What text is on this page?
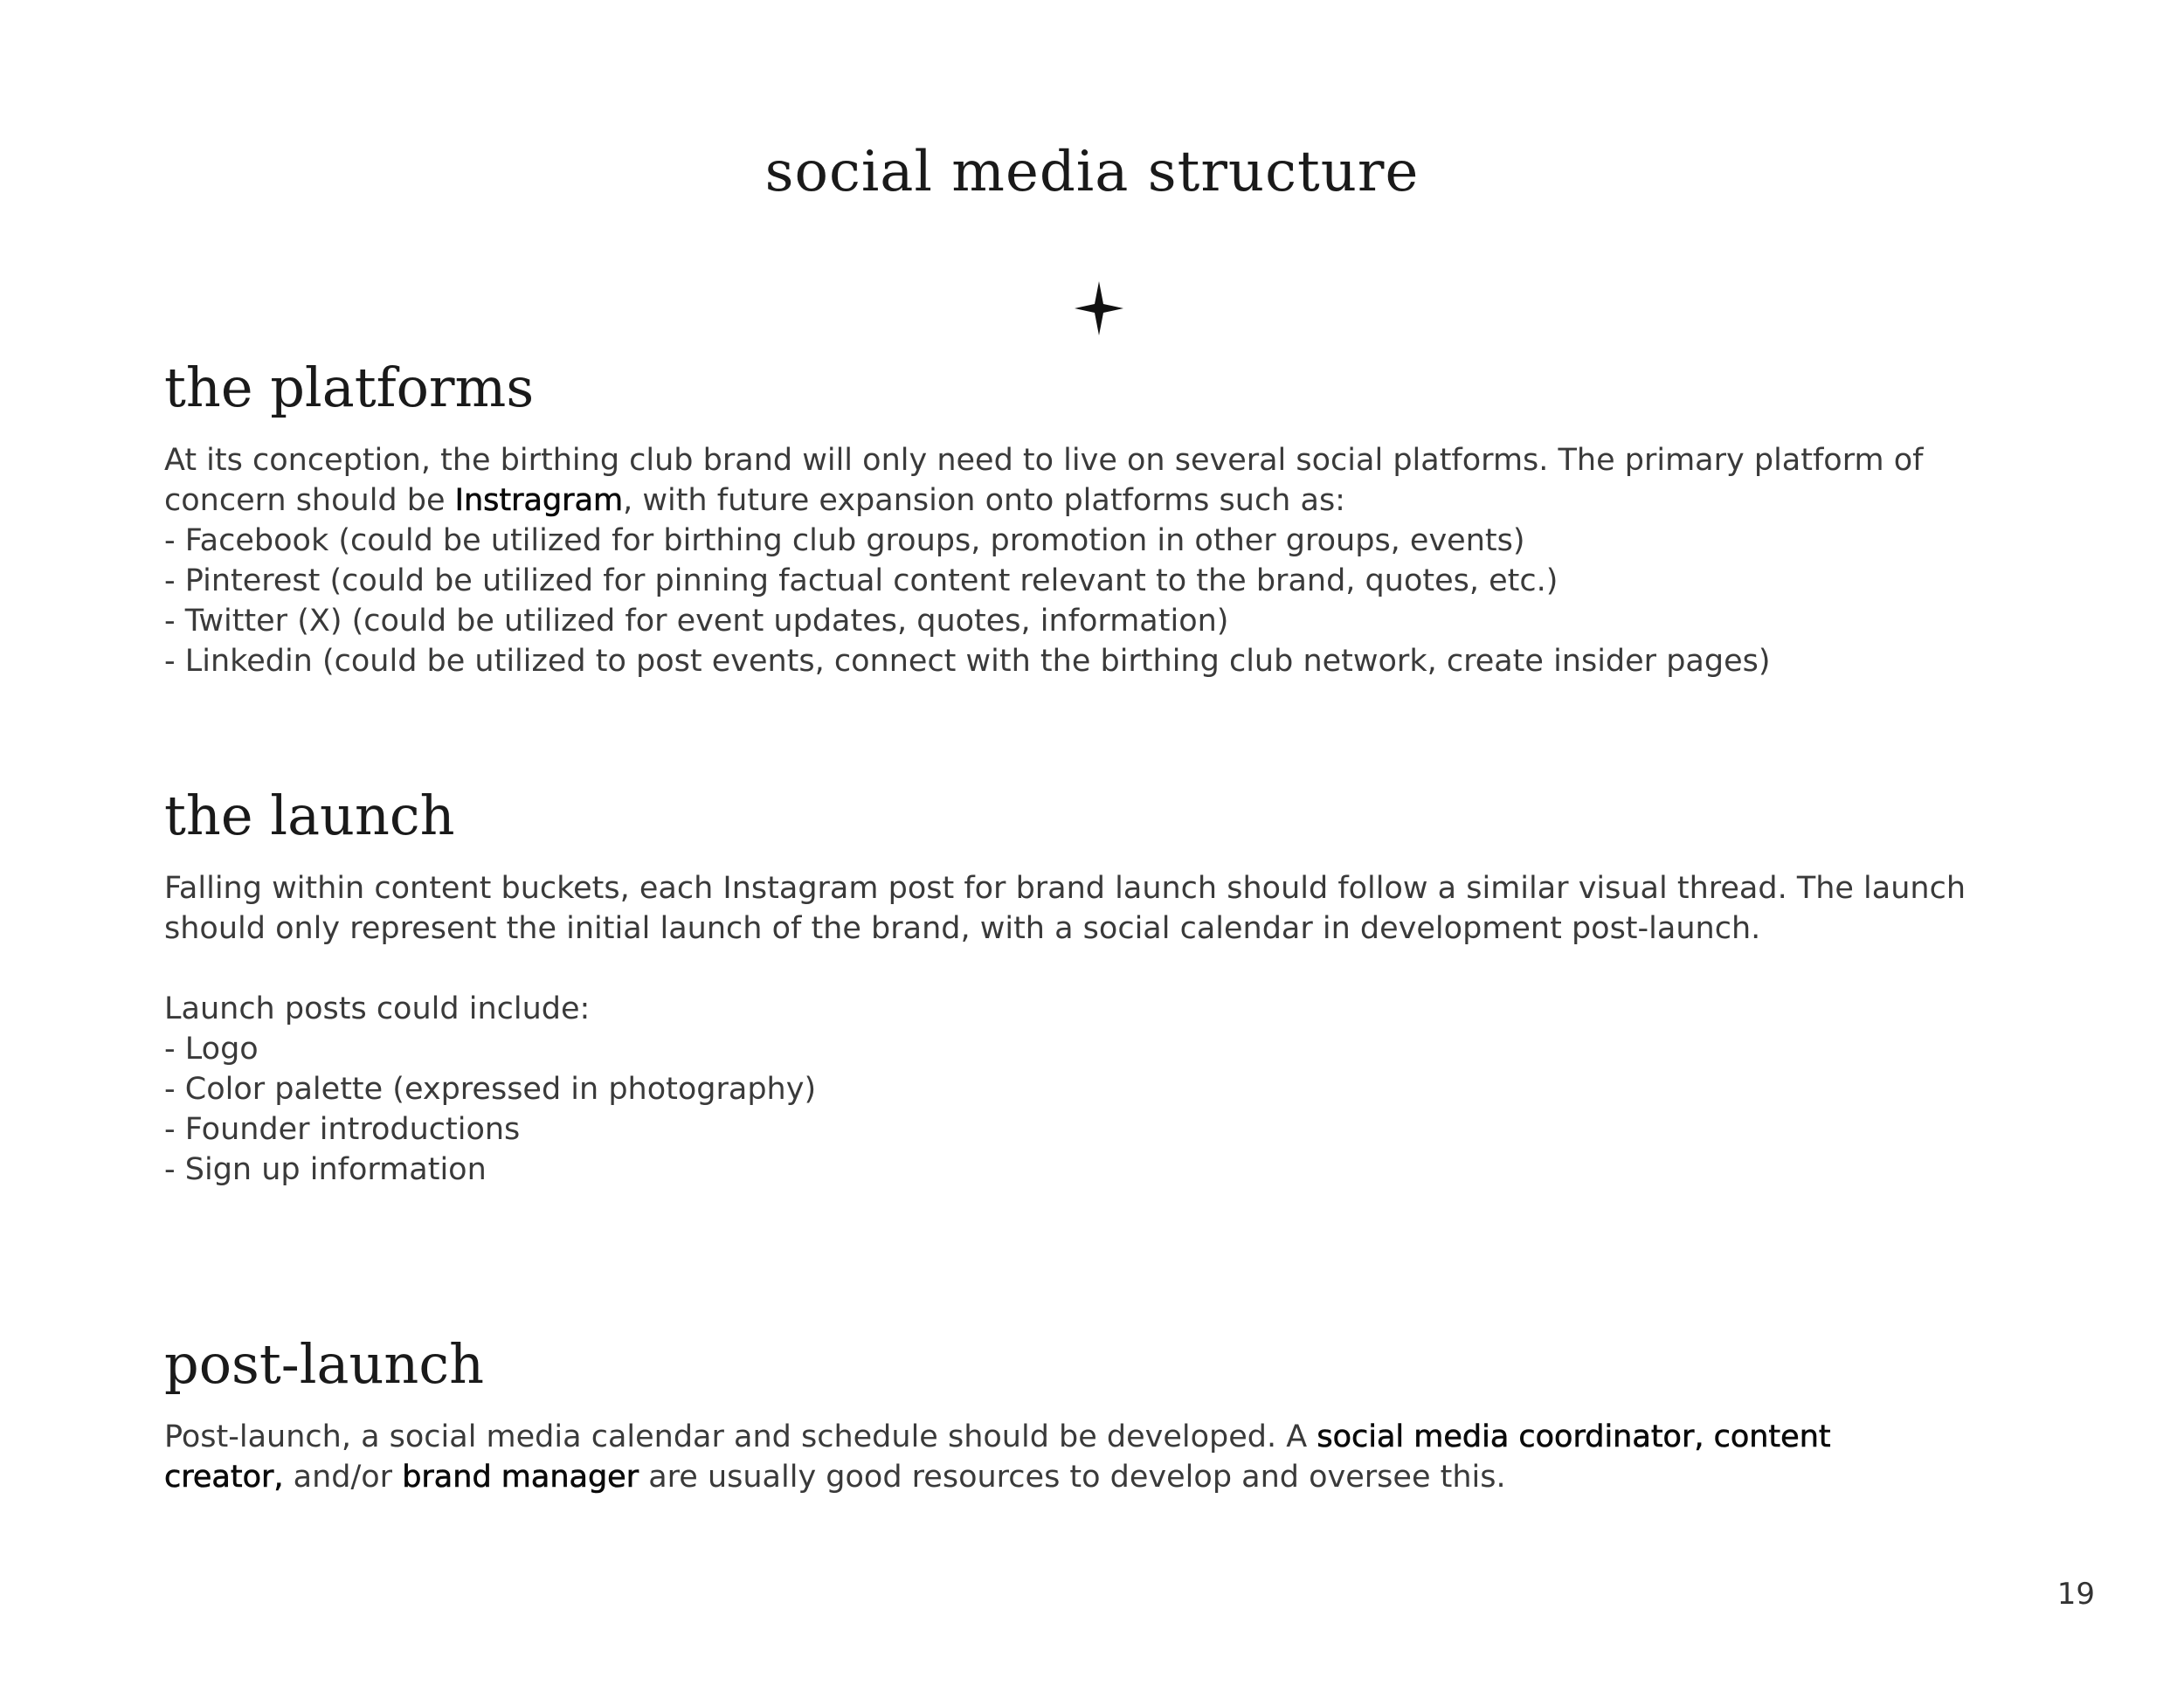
social media structure
the platforms

At its conception, the birthing club brand will only need to live on several social platforms. The primary platform of
concern should be Instragram, with future expansion onto platforms such as:

- Facebook (could be utilized for birthing club groups, promotion in other groups, events)
- Pinterest (could be utilized for pinning factual content relevant to the brand, quotes, etc.)
- Twitter (X) (could be utilized for event updates, quotes, information)
- Linkedin (could be utilized to post events, connect with the birthing club network, create insider pages)
the launch

Falling within content buckets, each Instagram post for brand launch should follow a similar visual thread. The launch
should only represent the initial launch of the brand, with a social calendar in development post-launch.

Launch posts could include:

- Logo
- Color palette (expressed in photography)
- Founder introductions
- Sign up information
post-launch

Post-launch, a social media calendar and schedule should be developed. A social media coordinator, content
creator, and/or brand manager are usually good resources to develop and oversee this.

19
